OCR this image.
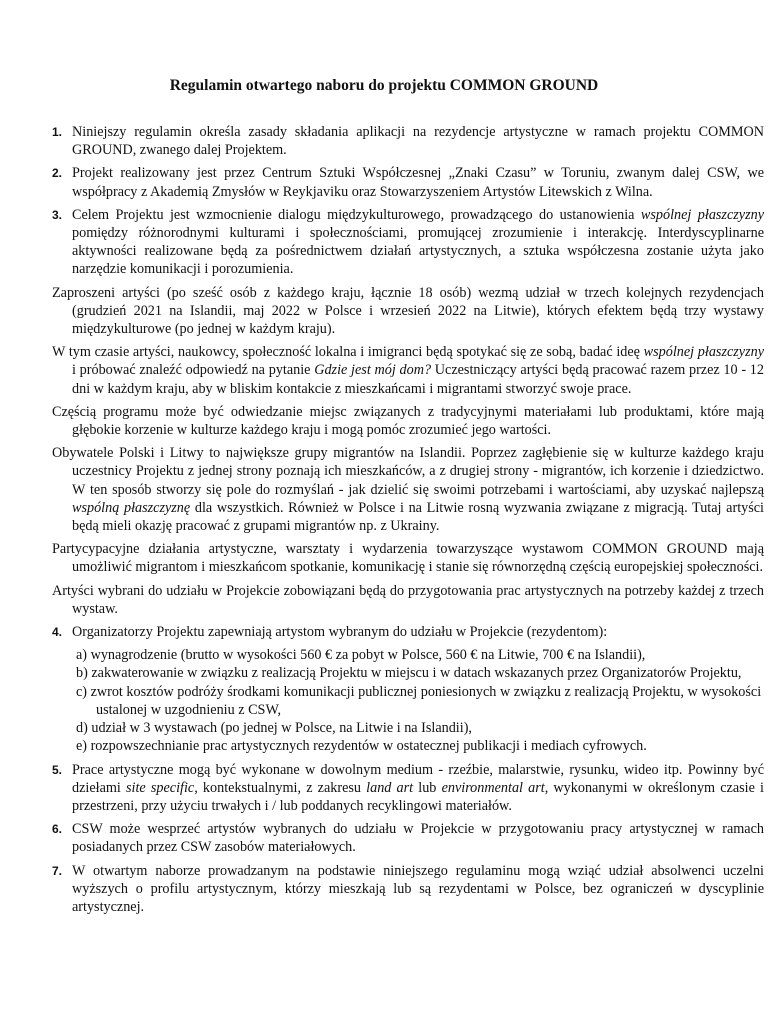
Regulamin otwartego naboru do projektu COMMON GROUND
1. Niniejszy regulamin określa zasady składania aplikacji na rezydencje artystyczne w ramach projektu COMMON GROUND, zwanego dalej Projektem.
2. Projekt realizowany jest przez Centrum Sztuki Współczesnej „Znaki Czasu” w Toruniu, zwanym dalej CSW, we współpracy z Akademią Zmysłów w Reykjaviku oraz Stowarzyszeniem Artystów Litewskich z Wilna.
3. Celem Projektu jest wzmocnienie dialogu międzykulturowego, prowadzącego do ustanowienia wspólnej płaszczyzny pomiędzy różnorodnymi kulturami i społecznościami, promującej zrozumienie i interakcję. Interdyscyplinarne aktywności realizowane będą za pośrednictwem działań artystycznych, a sztuka współczesna zostanie użyta jako narzędzie komunikacji i porozumienia.
Zaproszeni artyści (po sześć osób z każdego kraju, łącznie 18 osób) wezmą udział w trzech kolejnych rezydencjach (grudzień 2021 na Islandii, maj 2022 w Polsce i wrzesień 2022 na Litwie), których efektem będą trzy wystawy międzykulturowe (po jednej w każdym kraju).
W tym czasie artyści, naukowcy, społeczność lokalna i imigranci będą spotykać się ze sobą, badać ideę wspólnej płaszczyzny i próbować znaleźć odpowiedź na pytanie Gdzie jest mój dom? Uczestniczący artyści będą pracować razem przez 10 - 12 dni w każdym kraju, aby w bliskim kontakcie z mieszkańcami i migrantami stworzyć swoje prace.
Częścią programu może być odwiedzanie miejsc związanych z tradycyjnymi materiałami lub produktami, które mają głębokie korzenie w kulturze każdego kraju i mogą pomóc zrozumieć jego wartości.
Obywatele Polski i Litwy to największe grupy migrantów na Islandii. Poprzez zagłębienie się w kulturze każdego kraju uczestnicy Projektu z jednej strony poznają ich mieszkańców, a z drugiej strony - migrantów, ich korzenie i dziedzictwo. W ten sposób stworzy się pole do rozmyślań - jak dzielić się swoimi potrzebami i wartościami, aby uzyskać najlepszą wspólną płaszczyznę dla wszystkich. Również w Polsce i na Litwie rosną wyzwania związane z migracją. Tutaj artyści będą mieli okazję pracować z grupami migrantów np. z Ukrainy.
Partycypacyjne działania artystyczne, warsztaty i wydarzenia towarzyszące wystawom COMMON GROUND mają umożliwić migrantom i mieszkańcom spotkanie, komunikację i stanie się równorzędną częścią europejskiej społeczności.
Artyści wybrani do udziału w Projekcie zobowiązani będą do przygotowania prac artystycznych na potrzeby każdej z trzech wystaw.
4. Organizatorzy Projektu zapewniają artystom wybranym do udziału w Projekcie (rezydentom):
a) wynagrodzenie (brutto w wysokości 560 € za pobyt w Polsce, 560 € na Litwie, 700 € na Islandii),
b) zakwaterowanie w związku z realizacją Projektu w miejscu i w datach wskazanych przez Organizatorów Projektu,
c) zwrot kosztów podróży środkami komunikacji publicznej poniesionych w związku z realizacją Projektu, w wysokości ustalonej w uzgodnieniu z CSW,
d) udział w 3 wystawach (po jednej w Polsce, na Litwie i na Islandii),
e) rozpowszechnianie prac artystycznych rezydentów w ostatecznej publikacji i mediach cyfrowych.
5. Prace artystyczne mogą być wykonane w dowolnym medium - rzeźbie, malarstwie, rysunku, wideo itp. Powinny być dziełami site specific, kontekstualnymi, z zakresu land art lub environmental art, wykonanymi w określonym czasie i przestrzeni, przy użyciu trwałych i / lub poddanych recyklingowi materiałów.
6. CSW może wesprzeć artystów wybranych do udziału w Projekcie w przygotowaniu pracy artystycznej w ramach posiadanych przez CSW zasobów materiałowych.
7. W otwartym naborze prowadzanym na podstawie niniejszego regulaminu mogą wziąć udział absolwenci uczelni wyższych o profilu artystycznym, którzy mieszkają lub są rezydentami w Polsce, bez ograniczeń w dyscyplinie artystycznej.
